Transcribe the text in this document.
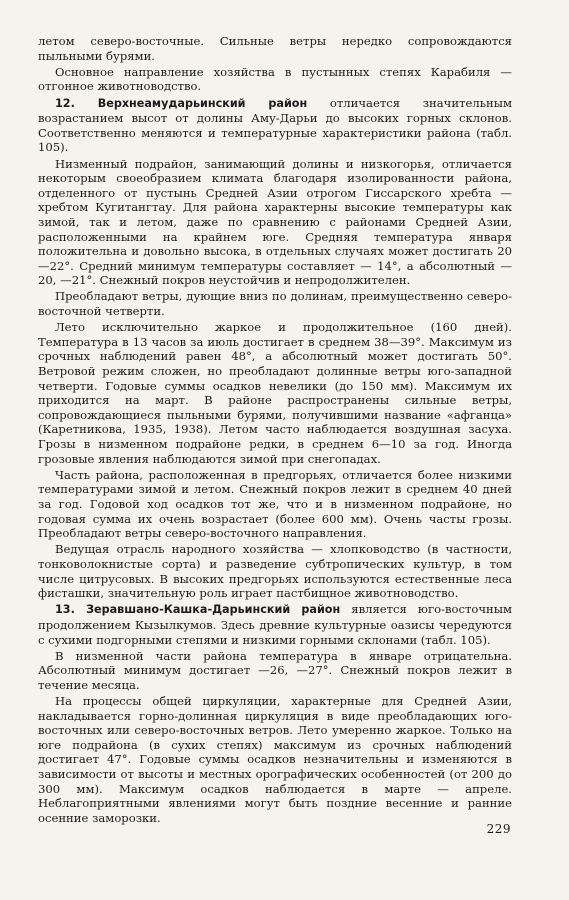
летом северо-восточные. Сильные ветры нередко сопровождаются пыльными бурями.

Основное направление хозяйства в пустынных степях Карабиля — отгонное животноводство.

12. Верхнеамударьинский район отличается значительным возрастанием высот от долины Аму-Дарьи до высоких горных склонов. Соответственно меняются и температурные характеристики района (табл. 105).

Низменный подрайон, занимающий долины и низкогорья, отличается некоторым своеобразием климата благодаря изолированности района, отделенного от пустынь Средней Азии отрогом Гиссарского хребта — хребтом Кугитангтау. Для района характерны высокие температуры как зимой, так и летом, даже по сравнению с районами Средней Азии, расположенными на крайнем юге. Средняя температура января положительна и довольно высока, в отдельных случаях может достигать 20—22°. Средний минимум температуры составляет — 14°, а абсолютный —20, —21°. Снежный покров неустойчив и непродолжителен.

Преобладают ветры, дующие вниз по долинам, преимущественно северо-восточной четверти.

Лето исключительно жаркое и продолжительное (160 дней). Температура в 13 часов за июль достигает в среднем 38—39°. Максимум из срочных наблюдений равен 48°, а абсолютный может достигать 50°. Ветровой режим сложен, но преобладают долинные ветры юго-западной четверти. Годовые суммы осадков невелики (до 150 мм). Максимум их приходится на март. В районе распространены сильные ветры, сопровождающиеся пыльными бурями, получившими название «афганца» (Каретникова, 1935, 1938). Летом часто наблюдается воздушная засуха. Грозы в низменном подрайоне редки, в среднем 6—10 за год. Иногда грозовые явления наблюдаются зимой при снегопадах.

Часть района, расположенная в предгорьях, отличается более низкими температурами зимой и летом. Снежный покров лежит в среднем 40 дней за год. Годовой ход осадков тот же, что и в низменном подрайоне, но годовая сумма их очень возрастает (более 600 мм). Очень часты грозы. Преобладают ветры северо-восточного направления.

Ведущая отрасль народного хозяйства — хлопководство (в частности, тонковолокнистые сорта) и разведение субтропических культур, в том числе цитрусовых. В высоких предгорьях используются естественные леса фисташки, значительную роль играет пастбищное животноводство.

13. Зеравшано-Кашка-Дарьинский район является юго-восточным продолжением Кызылкумов. Здесь древние культурные оазисы чередуются с сухими подгорными степями и низкими горными склонами (табл. 105).

В низменной части района температура в январе отрицательна. Абсолютный минимум достигает —26, —27°. Снежный покров лежит в течение месяца.

На процессы общей циркуляции, характерные для Средней Азии, накладывается горно-долинная циркуляция в виде преобладающих юго-восточных или северо-восточных ветров. Лето умеренно жаркое. Только на юге подрайона (в сухих степях) максимум из срочных наблюдений достигает 47°. Годовые суммы осадков незначительны и изменяются в зависимости от высоты и местных орографических особенностей (от 200 до 300 мм). Максимум осадков наблюдается в марте — апреле. Неблагоприятными явлениями могут быть поздние весенние и ранние осенние заморозки.

229
